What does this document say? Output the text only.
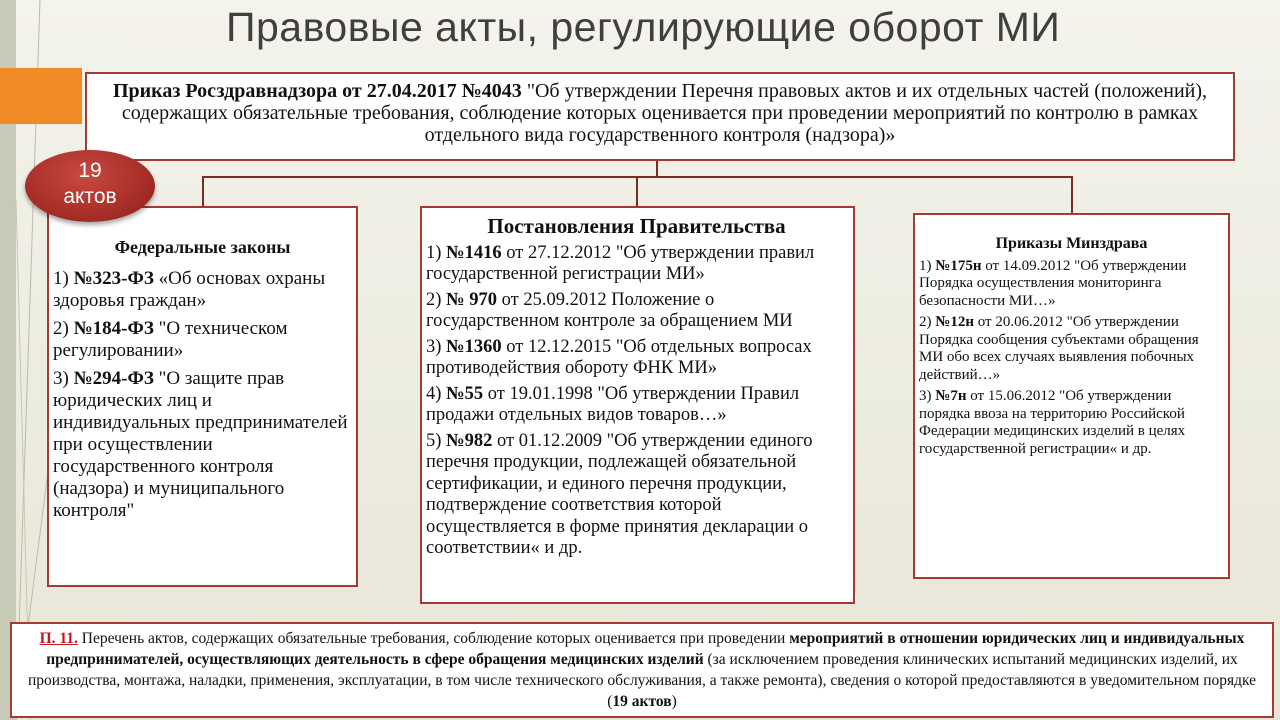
Правовые акты, регулирующие оборот МИ
Приказ Росздравнадзора от 27.04.2017 №4043 "Об утверждении Перечня правовых актов и их отдельных частей (положений), содержащих обязательные требования, соблюдение которых оценивается при проведении мероприятий по контролю в рамках отдельного вида государственного контроля (надзора)»
Федеральные законы
1) №323-ФЗ «Об основах охраны здоровья граждан»
2) №184-ФЗ "О техническом регулировании»
3) №294-ФЗ "О защите прав юридических лиц и индивидуальных предпринимателей при осуществлении государственного контроля (надзора) и муниципального контроля"
19
актов
Постановления Правительства
1) №1416 от 27.12.2012 "Об утверждении правил государственной регистрации МИ»
2) № 970 от 25.09.2012 Положение о государственном контроле за обращением МИ
3) №1360 от 12.12.2015 "Об отдельных вопросах противодействия обороту ФНК МИ»
4) №55 от 19.01.1998 "Об утверждении Правил продажи отдельных видов товаров…»
5) №982 от 01.12.2009 "Об утверждении единого перечня продукции, подлежащей обязательной сертификации, и единого перечня продукции, подтверждение соответствия которой осуществляется в форме принятия декларации о соответствии« и др.
Приказы Минздрава
1) №175н от 14.09.2012 "Об утверждении Порядка осуществления мониторинга безопасности МИ…»
2) №12н от 20.06.2012 "Об утверждении Порядка сообщения субъектами обращения МИ обо всех случаях выявления побочных действий…»
3) №7н от 15.06.2012 "Об утверждении порядка ввоза на территорию Российской Федерации медицинских изделий в целях государственной регистрации« и др.
П. 11. Перечень актов, содержащих обязательные требования, соблюдение которых оценивается при проведении мероприятий в отношении юридических лиц и индивидуальных предпринимателей, осуществляющих деятельность в сфере обращения медицинских изделий (за исключением проведения клинических испытаний медицинских изделий, их производства, монтажа, наладки, применения, эксплуатации, в том числе технического обслуживания, а также ремонта), сведения о которой предоставляются в уведомительном порядке (19 актов)
